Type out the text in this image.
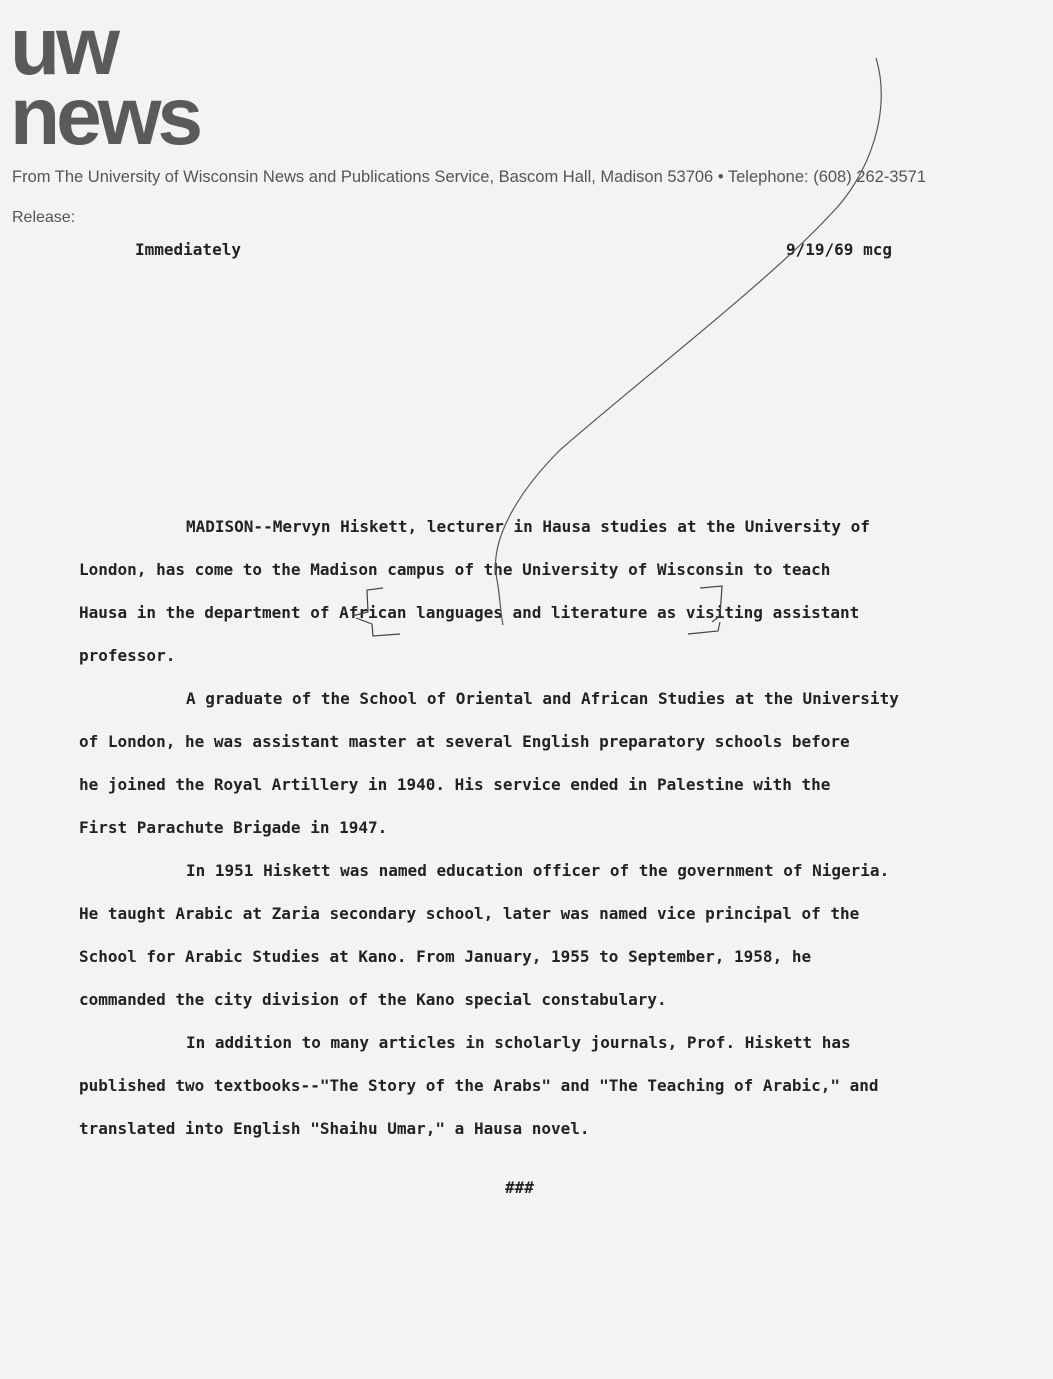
uw
news
From The University of Wisconsin News and Publications Service, Bascom Hall, Madison 53706 • Telephone: (608) 262-3571
Release:
Immediately	9/19/69 mcg
MADISON--Mervyn Hiskett, lecturer in Hausa studies at the University of
London, has come to the Madison campus of the University of Wisconsin to teach
Hausa in the department of African languages and literature as visiting assistant
professor.
A graduate of the School of Oriental and African Studies at the University
of London, he was assistant master at several English preparatory schools before
he joined the Royal Artillery in 1940. His service ended in Palestine with the
First Parachute Brigade in 1947.
In 1951 Hiskett was named education officer of the government of Nigeria.
He taught Arabic at Zaria secondary school, later was named vice principal of the
School for Arabic Studies at Kano. From January, 1955 to September, 1958, he
commanded the city division of the Kano special constabulary.
In addition to many articles in scholarly journals, Prof. Hiskett has
published two textbooks--"The Story of the Arabs" and "The Teaching of Arabic," and
translated into English "Shaihu Umar," a Hausa novel.
###
